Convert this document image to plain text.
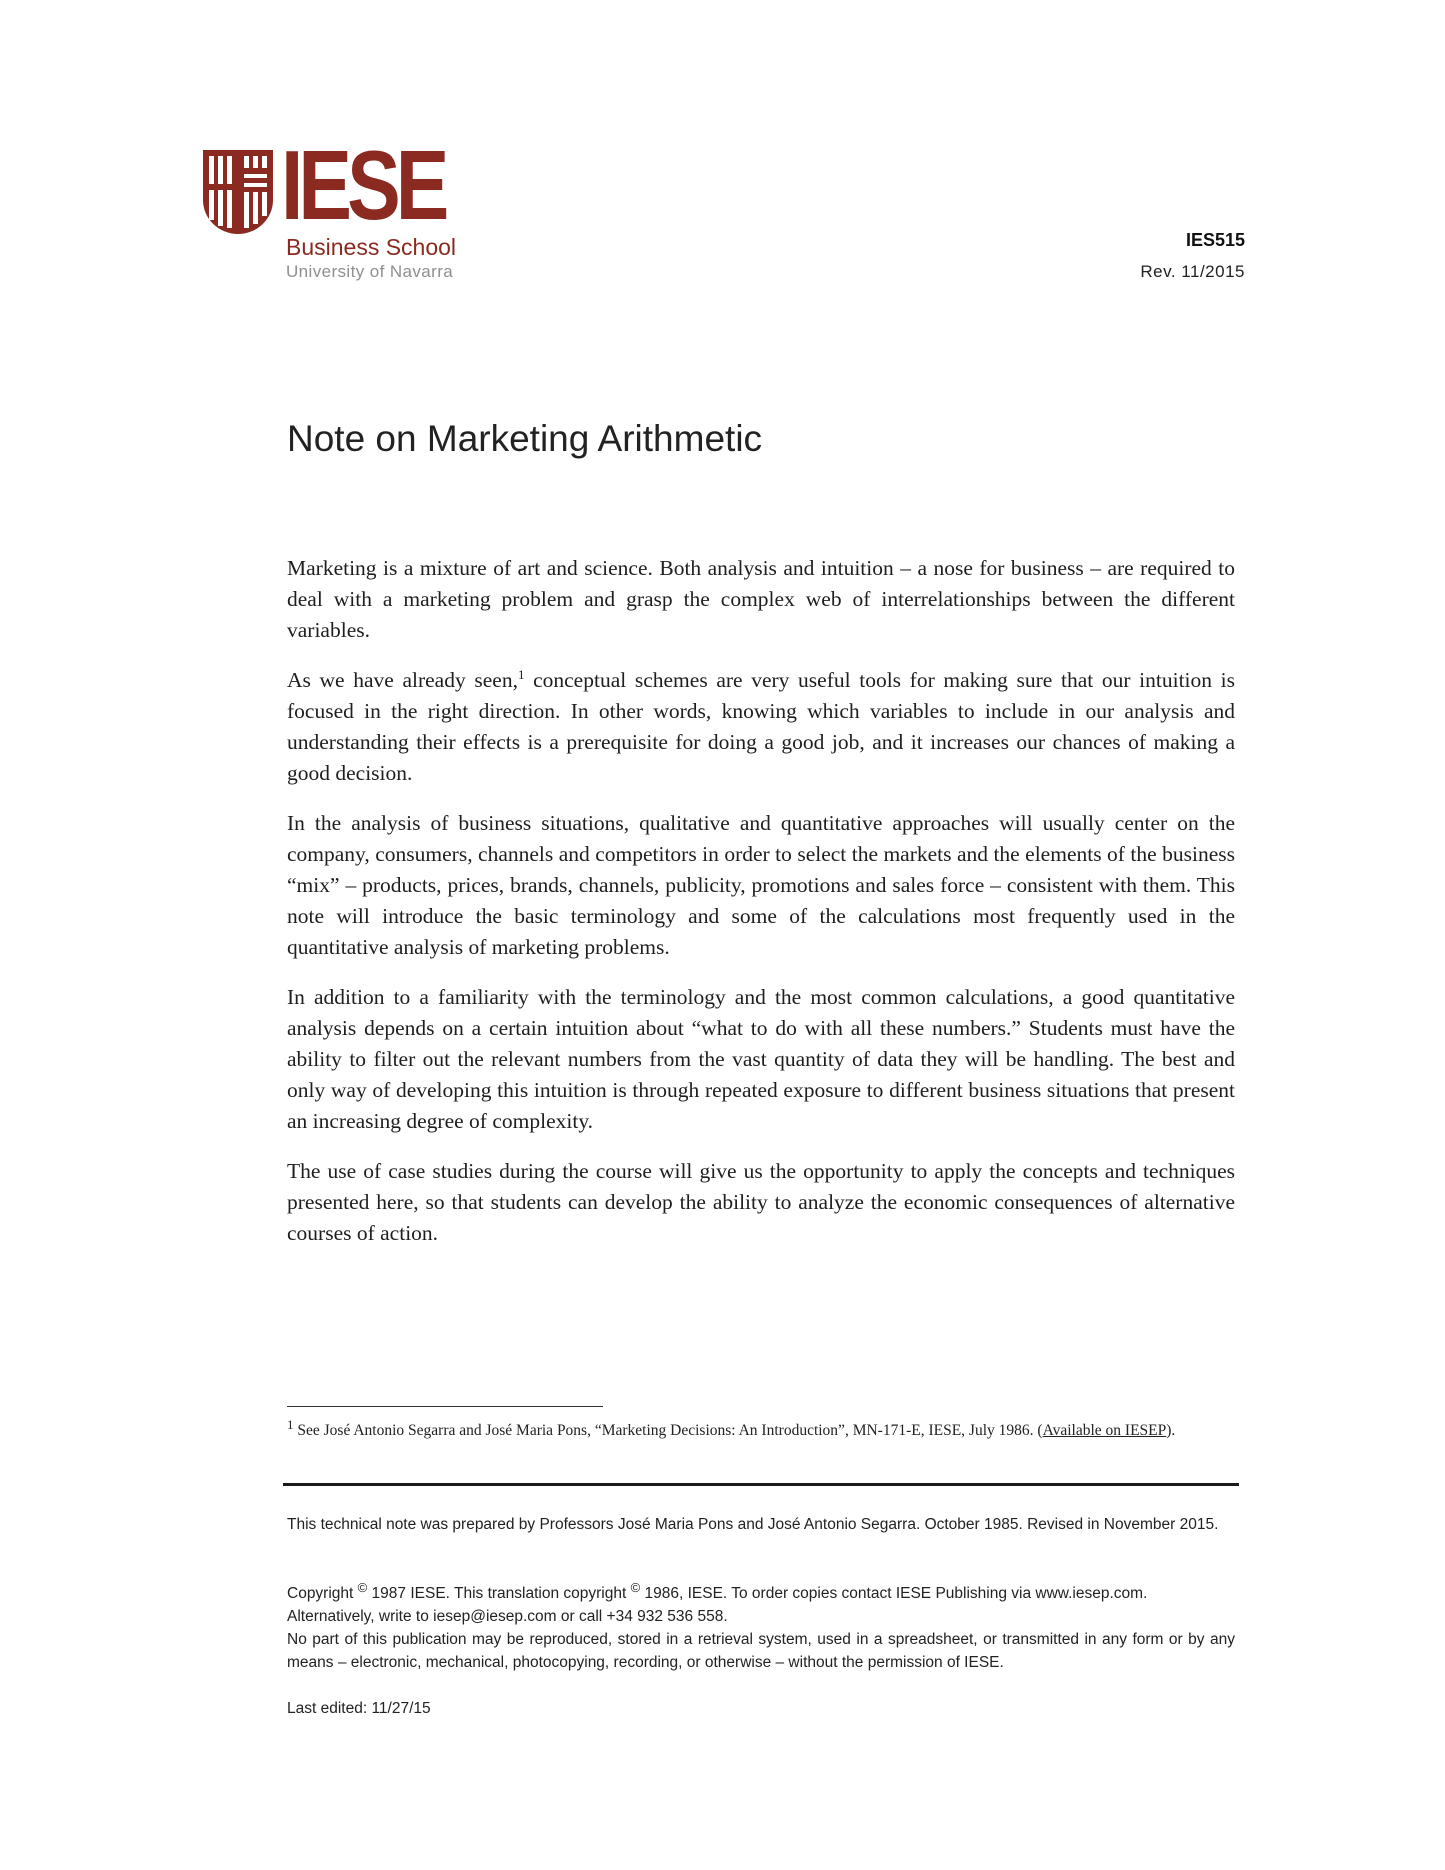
IESE
Business School
University of Navarra
IES515
Rev. 11/2015
Note on Marketing Arithmetic

Marketing is a mixture of art and science. Both analysis and intuition – a nose for business – are required to deal with a marketing problem and grasp the complex web of interrelationships between the different variables.

As we have already seen,$^1$ conceptual schemes are very useful tools for making sure that our intuition is focused in the right direction. In other words, knowing which variables to include in our analysis and understanding their effects is a prerequisite for doing a good job, and it increases our chances of making a good decision.

In the analysis of business situations, qualitative and quantitative approaches will usually center on the company, consumers, channels and competitors in order to select the markets and the elements of the business “mix” – products, prices, brands, channels, publicity, promotions and sales force – consistent with them. This note will introduce the basic terminology and some of the calculations most frequently used in the quantitative analysis of marketing problems.

In addition to a familiarity with the terminology and the most common calculations, a good quantitative analysis depends on a certain intuition about “what to do with all these numbers.” Students must have the ability to filter out the relevant numbers from the vast quantity of data they will be handling. The best and only way of developing this intuition is through repeated exposure to different business situations that present an increasing degree of complexity.

The use of case studies during the course will give us the opportunity to apply the concepts and techniques presented here, so that students can develop the ability to analyze the economic consequences of alternative courses of action.

$^1$ See José Antonio Segarra and José Maria Pons, “Marketing Decisions: An Introduction”, MN-171-E, IESE, July 1986. (Available on IESEP).

This technical note was prepared by Professors José Maria Pons and José Antonio Segarra. October 1985. Revised in November 2015.

Copyright © 1987 IESE. This translation copyright © 1986, IESE. To order copies contact IESE Publishing via www.iesep.com.

Alternatively, write to iesep@iesep.com or call +34 932 536 558.

No part of this publication may be reproduced, stored in a retrieval system, used in a spreadsheet, or transmitted in any form or by any means – electronic, mechanical, photocopying, recording, or otherwise – without the permission of IESE.

Last edited: 11/27/15
